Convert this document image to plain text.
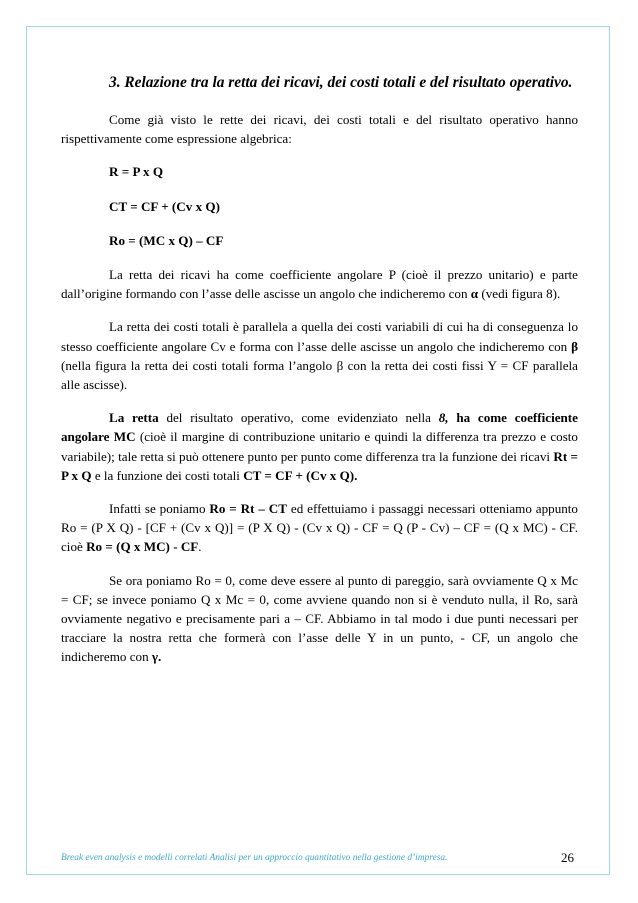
3. Relazione tra la retta dei ricavi, dei costi totali e del risultato operativo.

Come già visto le rette dei ricavi, dei costi totali e del risultato operativo hanno rispettivamente come espressione algebrica:

R = P x Q

CT = CF + (Cv x Q)

Ro = (MC x Q) – CF

La retta dei ricavi ha come coefficiente angolare P (cioè il prezzo unitario) e parte dall’origine formando con l’asse delle ascisse un angolo che indicheremo con α (vedi figura 8).

La retta dei costi totali è parallela a quella dei costi variabili di cui ha di conseguenza lo stesso coefficiente angolare Cv e forma con l’asse delle ascisse un angolo che indicheremo con β (nella figura la retta dei costi totali forma l’angolo β con la retta dei costi fissi Y = CF parallela alle ascisse).

La retta del risultato operativo, come evidenziato nella 8, ha come coefficiente angolare MC (cioè il margine di contribuzione unitario e quindi la differenza tra prezzo e costo variabile); tale retta si può ottenere punto per punto come differenza tra la funzione dei ricavi Rt = P x Q e la funzione dei costi totali CT = CF + (Cv x Q).

Infatti se poniamo Ro = Rt – CT ed effettuiamo i passaggi necessari otteniamo appunto Ro = (P X Q) - [CF + (Cv x Q)] = (P X Q) - (Cv x Q) - CF = Q (P - Cv) – CF = (Q x MC) - CF. cioè Ro = (Q x MC) - CF.

Se ora poniamo Ro = 0, come deve essere al punto di pareggio, sarà ovviamente Q x Mc = CF; se invece poniamo Q x Mc = 0, come avviene quando non si è venduto nulla, il Ro, sarà ovviamente negativo e precisamente pari a – CF. Abbiamo in tal modo i due punti necessari per tracciare la nostra retta che formerà con l’asse delle Y in un punto, - CF, un angolo che indicheremo con γ.

Break even analysis e modelli correlati Analisi per un approccio quantitativo nella gestione d’impresa.	26
